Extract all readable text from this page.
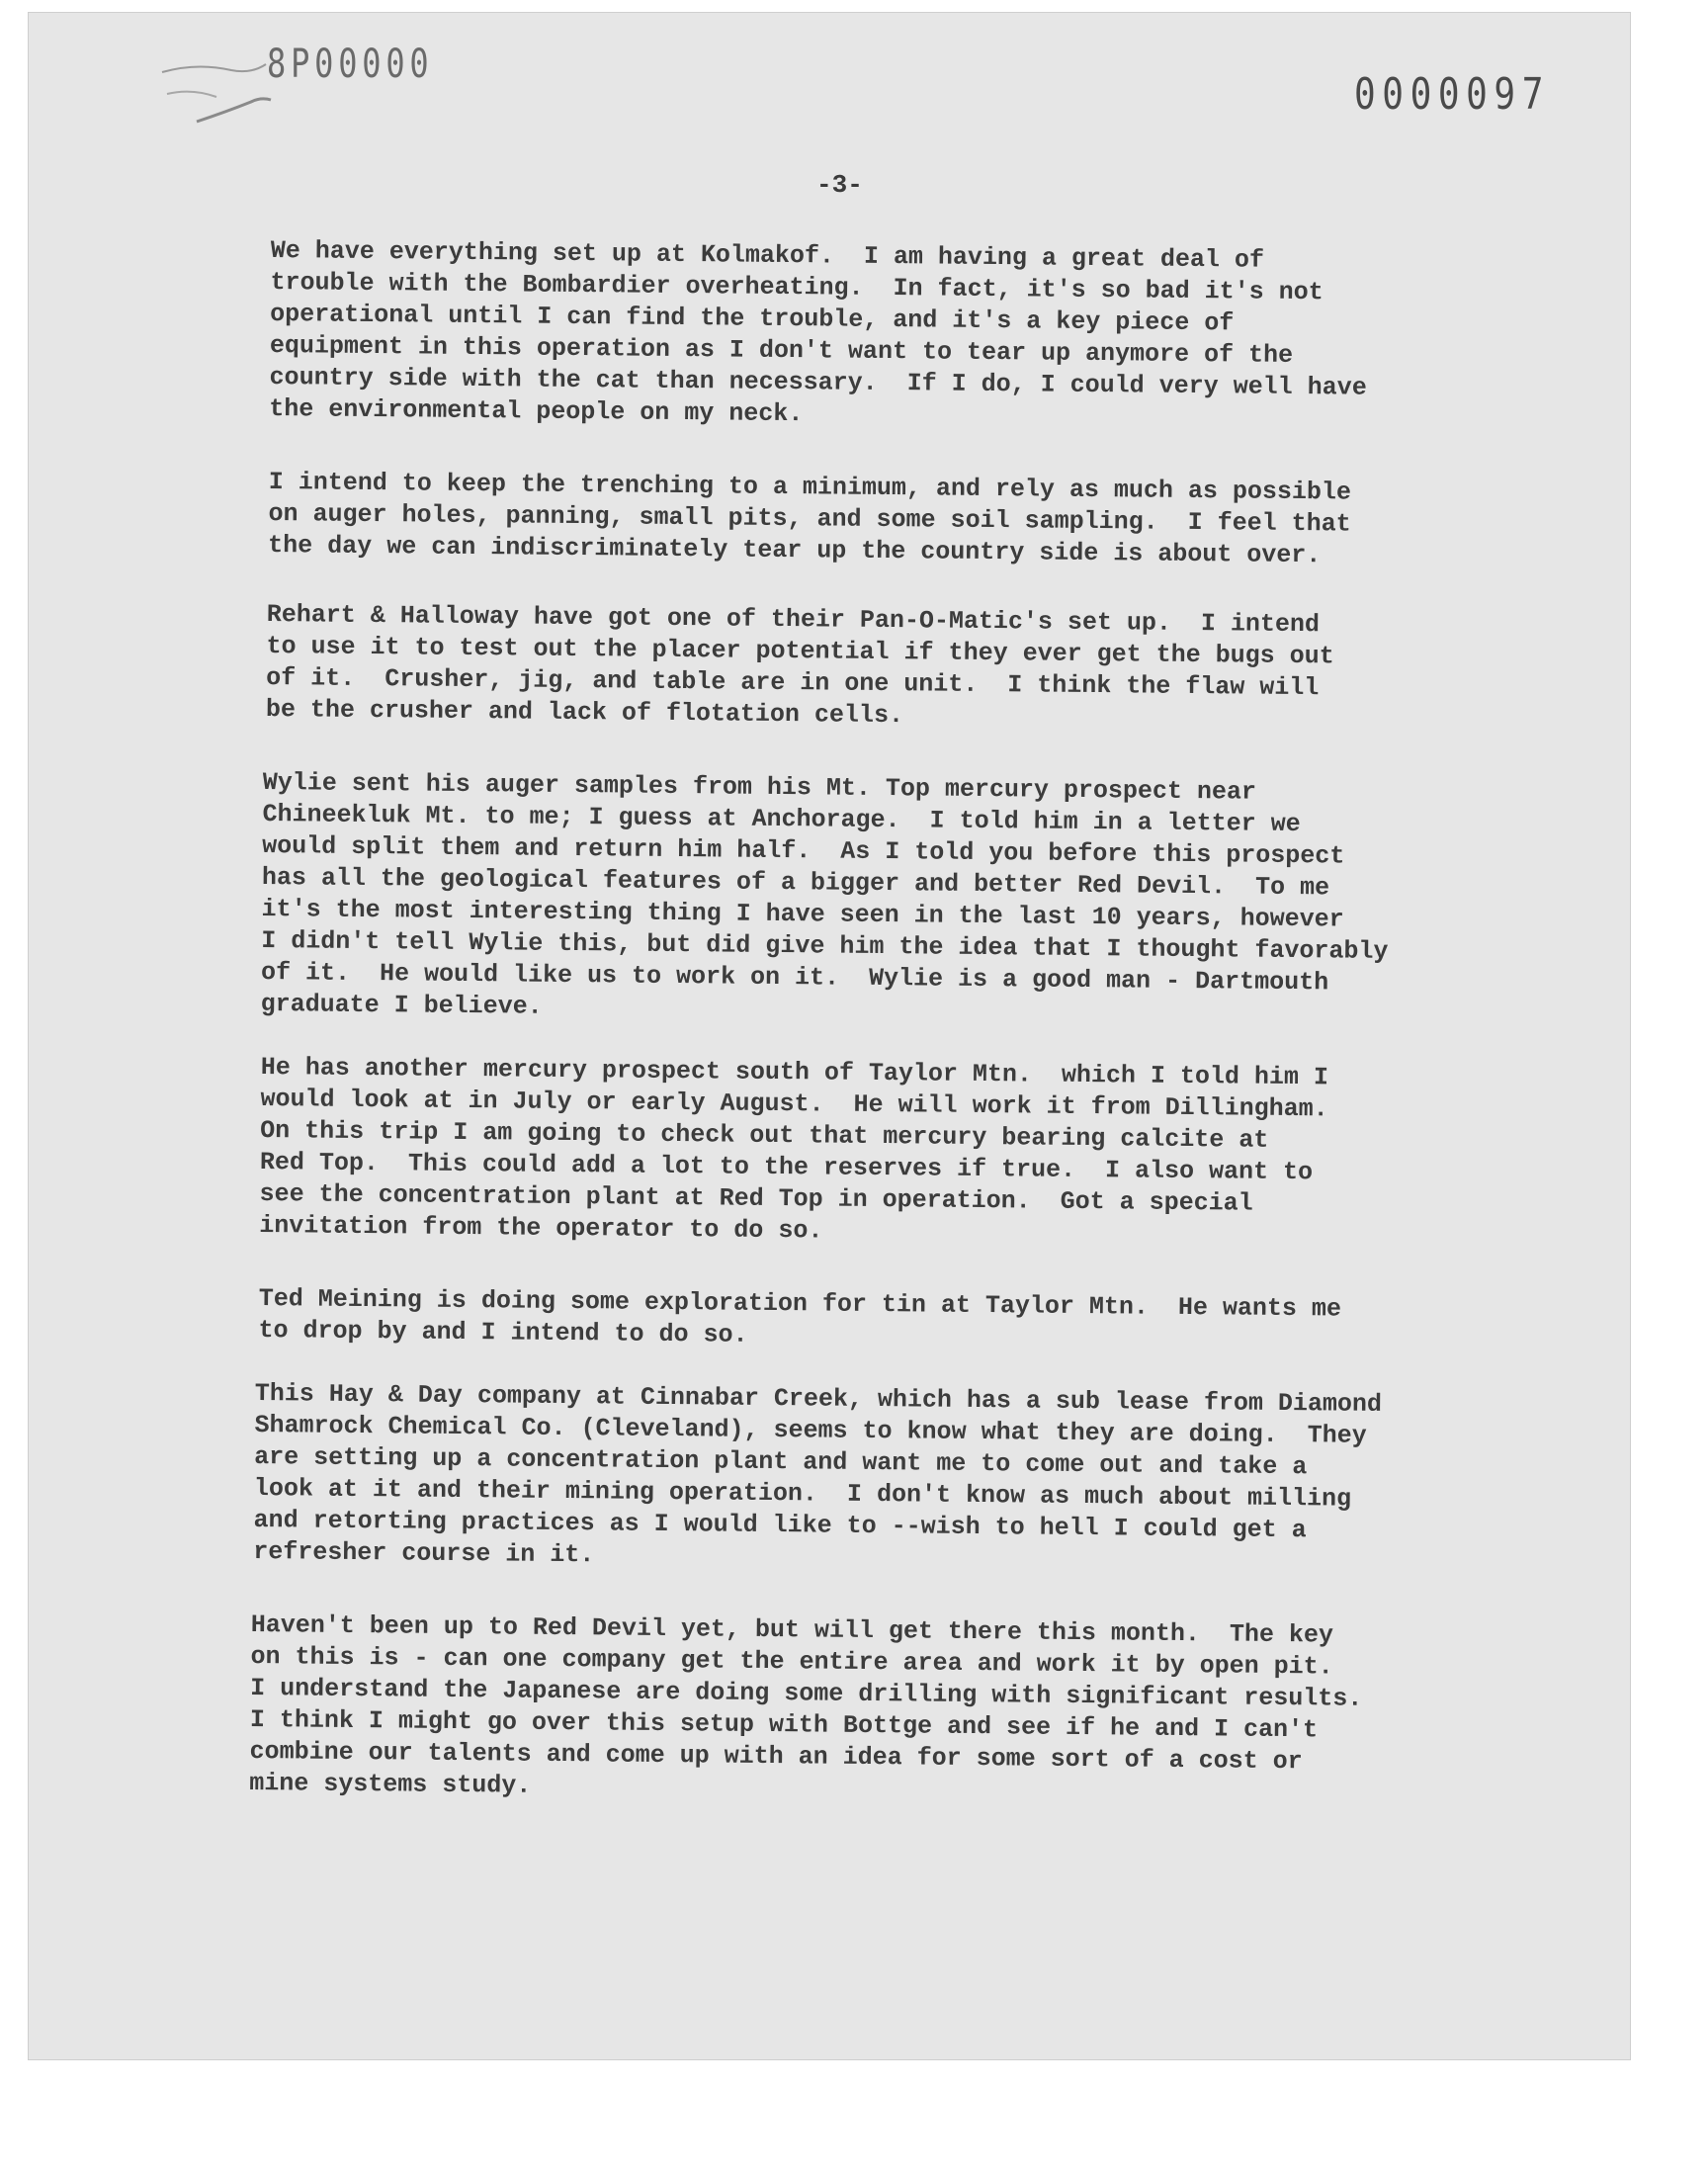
8P00000
0000097
-3-

We have everything set up at Kolmakof.  I am having a great deal of
trouble with the Bombardier overheating.  In fact, it's so bad it's not
operational until I can find the trouble, and it's a key piece of
equipment in this operation as I don't want to tear up anymore of the
country side with the cat than necessary.  If I do, I could very well have
the environmental people on my neck.

I intend to keep the trenching to a minimum, and rely as much as possible
on auger holes, panning, small pits, and some soil sampling.  I feel that
the day we can indiscriminately tear up the country side is about over.

Rehart & Halloway have got one of their Pan-O-Matic's set up.  I intend
to use it to test out the placer potential if they ever get the bugs out
of it.  Crusher, jig, and table are in one unit.  I think the flaw will
be the crusher and lack of flotation cells.

Wylie sent his auger samples from his Mt. Top mercury prospect near
Chineekluk Mt. to me; I guess at Anchorage.  I told him in a letter we
would split them and return him half.  As I told you before this prospect
has all the geological features of a bigger and better Red Devil.  To me
it's the most interesting thing I have seen in the last 10 years, however
I didn't tell Wylie this, but did give him the idea that I thought favorably
of it.  He would like us to work on it.  Wylie is a good man - Dartmouth
graduate I believe.

He has another mercury prospect south of Taylor Mtn.  which I told him I
would look at in July or early August.  He will work it from Dillingham.
On this trip I am going to check out that mercury bearing calcite at
Red Top.  This could add a lot to the reserves if true.  I also want to
see the concentration plant at Red Top in operation.  Got a special
invitation from the operator to do so.

Ted Meining is doing some exploration for tin at Taylor Mtn.  He wants me
to drop by and I intend to do so.

This Hay & Day company at Cinnabar Creek, which has a sub lease from Diamond
Shamrock Chemical Co. (Cleveland), seems to know what they are doing.  They
are setting up a concentration plant and want me to come out and take a
look at it and their mining operation.  I don't know as much about milling
and retorting practices as I would like to --wish to hell I could get a
refresher course in it.

Haven't been up to Red Devil yet, but will get there this month.  The key
on this is - can one company get the entire area and work it by open pit.
I understand the Japanese are doing some drilling with significant results.
I think I might go over this setup with Bottge and see if he and I can't
combine our talents and come up with an idea for some sort of a cost or
mine systems study.
